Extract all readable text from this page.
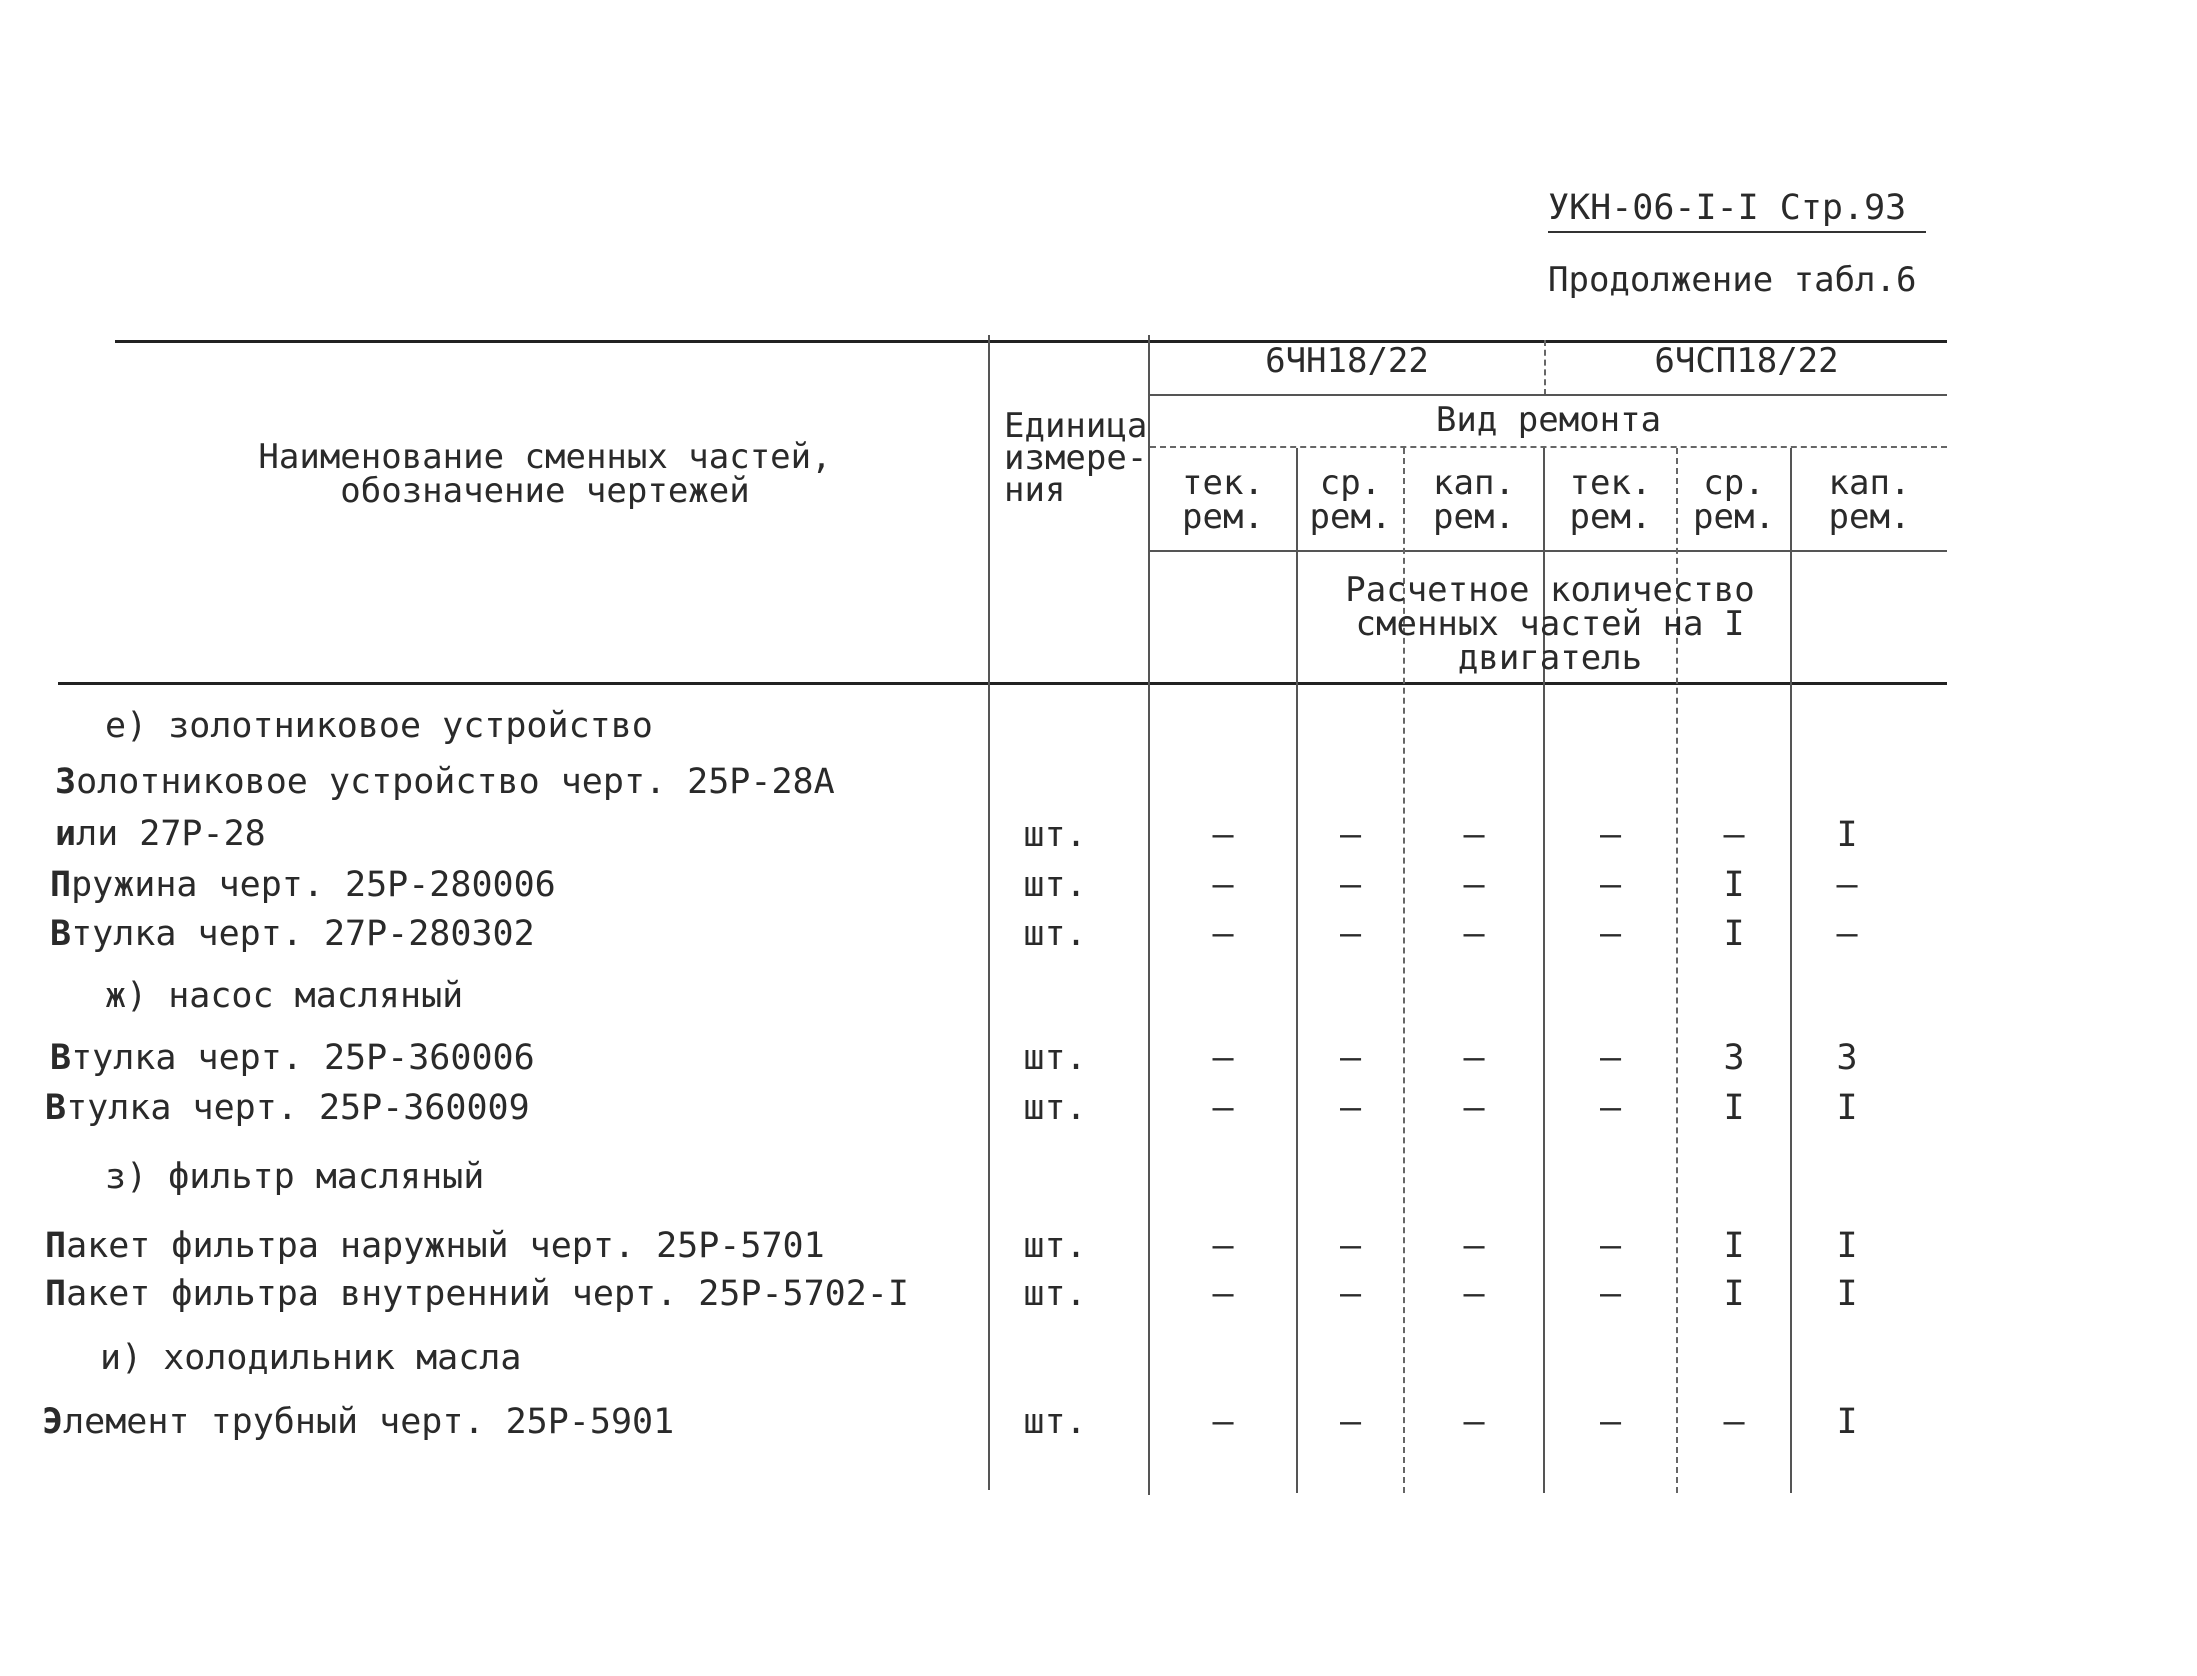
УКН-06-І-І Стр.93
Продолжение табл.6
Наименование сменных частей, обозначение чертежей
Единица измере- ния
6ЧН18/22	6ЧСП18/22
Вид ремонта
тек. рем.
ср. рем.
кап. рем.
тек. рем.
ср. рем.
кап. рем.
Расчетное количество сменных частей на I двигатель
е) золотниковое устройство
Золотниковое устройство черт. 25Р-28А
или 27Р-28	шт.	–	–	–	–	–	I
Пружина черт. 25Р-280006	шт.	–	–	–	–	I	–
Втулка черт. 27Р-280302	шт.	–	–	–	–	I	–
ж) насос масляный
Втулка черт. 25Р-360006	шт.	–	–	–	–	3	3
Втулка черт. 25Р-360009	шт.	–	–	–	–	I	I
з) фильтр масляный
Пакет фильтра наружный черт. 25Р-5701	шт.	–	–	–	–	I	I
Пакет фильтра внутренний черт. 25Р-5702-I	шт.	–	–	–	–	I	I
и) холодильник масла
Элемент трубный черт. 25Р-5901	шт.	–	–	–	–	–	I
